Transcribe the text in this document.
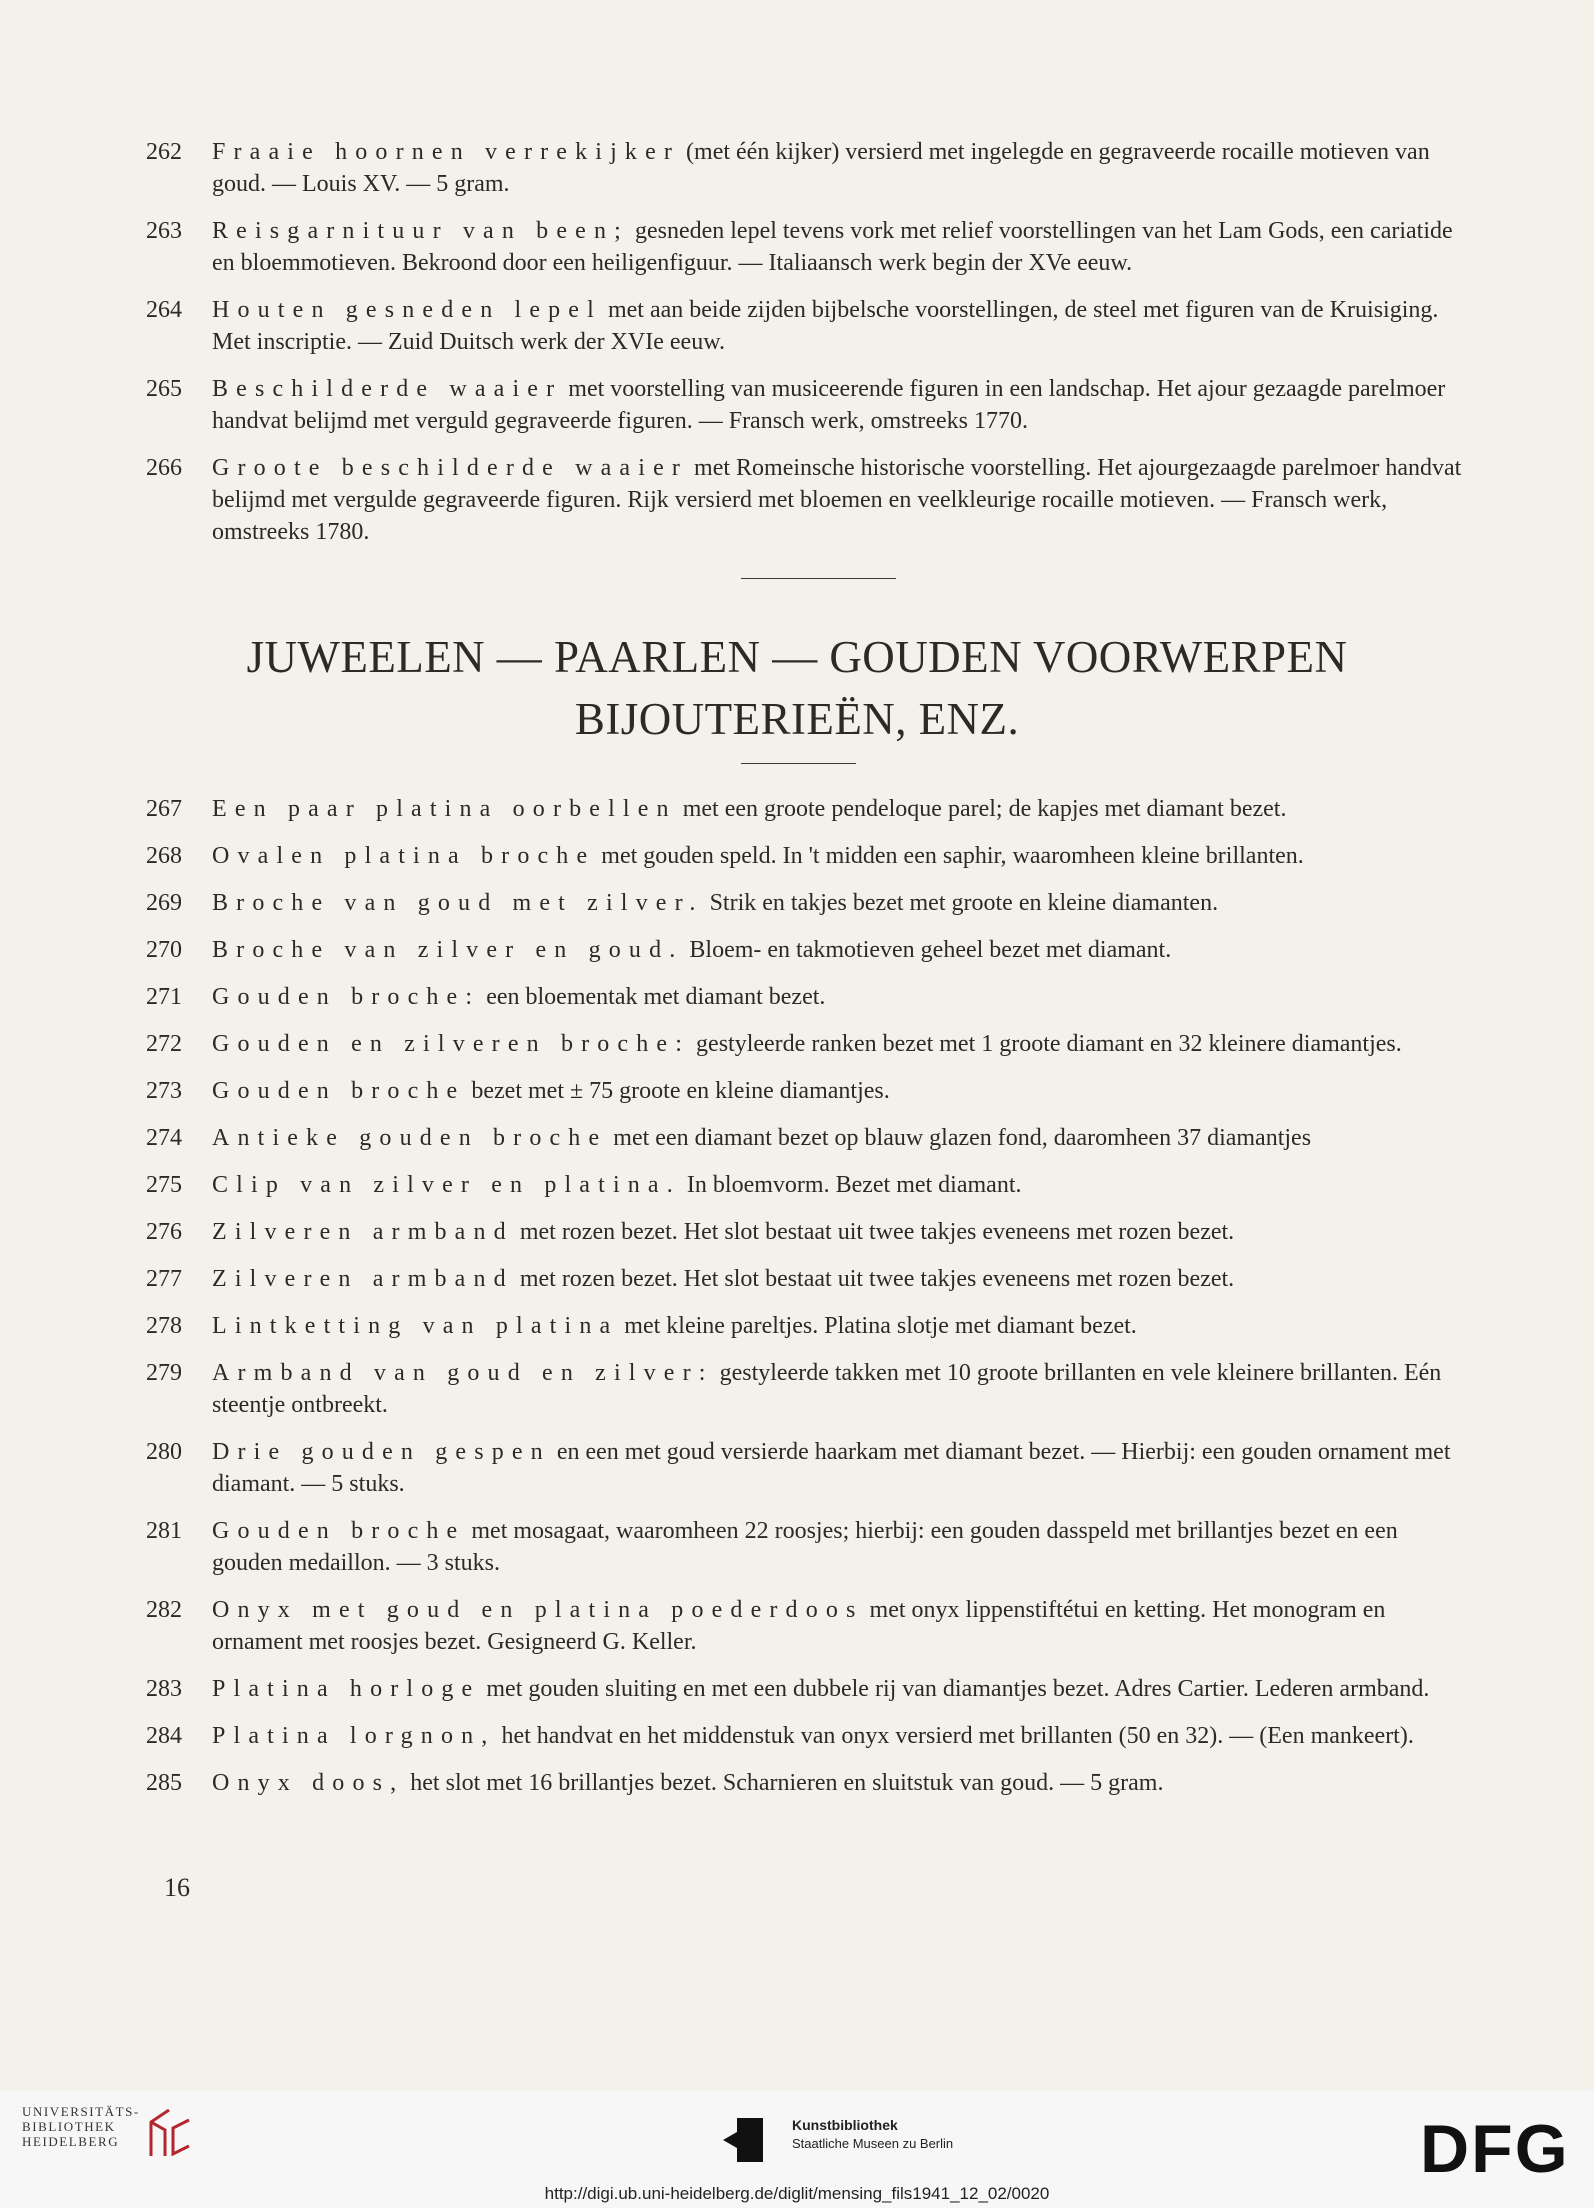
262	Fraaie hoornen verrekijker (met één kijker) versierd met ingelegde en gegraveerde rocaille motieven van goud. — Louis XV. — 5 gram.
263	Reisgarnituur van been; gesneden lepel tevens vork met relief voorstellingen van het Lam Gods, een cariatide en bloemmotieven. Bekroond door een heiligenfiguur. — Italiaansch werk begin der XVe eeuw.
264	Houten gesneden lepel met aan beide zijden bijbelsche voorstellingen, de steel met figuren van de Kruisiging. Met inscriptie. — Zuid Duitsch werk der XVIe eeuw.
265	Beschilderde waaier met voorstelling van musiceerende figuren in een landschap. Het ajour gezaagde parelmoer handvat belijmd met verguld gegraveerde figuren. — Fransch werk, omstreeks 1770.
266	Groote beschilderde waaier met Romeinsche historische voorstelling. Het ajourgezaagde parelmoer handvat belijmd met vergulde gegraveerde figuren. Rijk versierd met bloemen en veelkleurige rocaille motieven. — Fransch werk, omstreeks 1780.
JUWEELEN — PAARLEN — GOUDEN VOORWERPEN
BIJOUTERIEËN, ENZ.
267	Een paar platina oorbellen met een groote pendeloque parel; de kapjes met diamant bezet.
268	Ovalen platina broche met gouden speld. In 't midden een saphir, waaromheen kleine brillanten.
269	Broche van goud met zilver. Strik en takjes bezet met groote en kleine diamanten.
270	Broche van zilver en goud. Bloem- en takmotieven geheel bezet met diamant.
271	Gouden broche: een bloementak met diamant bezet.
272	Gouden en zilveren broche: gestyleerde ranken bezet met 1 groote diamant en 32 kleinere diamantjes.
273	Gouden broche bezet met ± 75 groote en kleine diamantjes.
274	Antieke gouden broche met een diamant bezet op blauw glazen fond, daaromheen 37 diamantjes
275	Clip van zilver en platina. In bloemvorm. Bezet met diamant.
276	Zilveren armband met rozen bezet. Het slot bestaat uit twee takjes eveneens met rozen bezet.
277	Zilveren armband met rozen bezet. Het slot bestaat uit twee takjes eveneens met rozen bezet.
278	Lintketting van platina met kleine pareltjes. Platina slotje met diamant bezet.
279	Armband van goud en zilver: gestyleerde takken met 10 groote brillanten en vele kleinere brillanten. Eén steentje ontbreekt.
280	Drie gouden gespen en een met goud versierde haarkam met diamant bezet. — Hierbij: een gouden ornament met diamant. — 5 stuks.
281	Gouden broche met mosagaat, waaromheen 22 roosjes; hierbij: een gouden dasspeld met brillantjes bezet en een gouden medaillon. — 3 stuks.
282	Onyx met goud en platina poederdoos met onyx lippenstiftétui en ketting. Het monogram en ornament met roosjes bezet. Gesigneerd G. Keller.
283	Platina horloge met gouden sluiting en met een dubbele rij van diamantjes bezet. Adres Cartier. Lederen armband.
284	Platina lorgnon, het handvat en het middenstuk van onyx versierd met brillanten (50 en 32). — (Een mankeert).
285	Onyx doos, het slot met 16 brillantjes bezet. Scharnieren en sluitstuk van goud. — 5 gram.
16
UNIVERSITÄTS-
BIBLIOTHEK
HEIDELBERG
Kunstbibliothek
Staatliche Museen zu Berlin	DFG
http://digi.ub.uni-heidelberg.de/diglit/mensing_fils1941_12_02/0020
